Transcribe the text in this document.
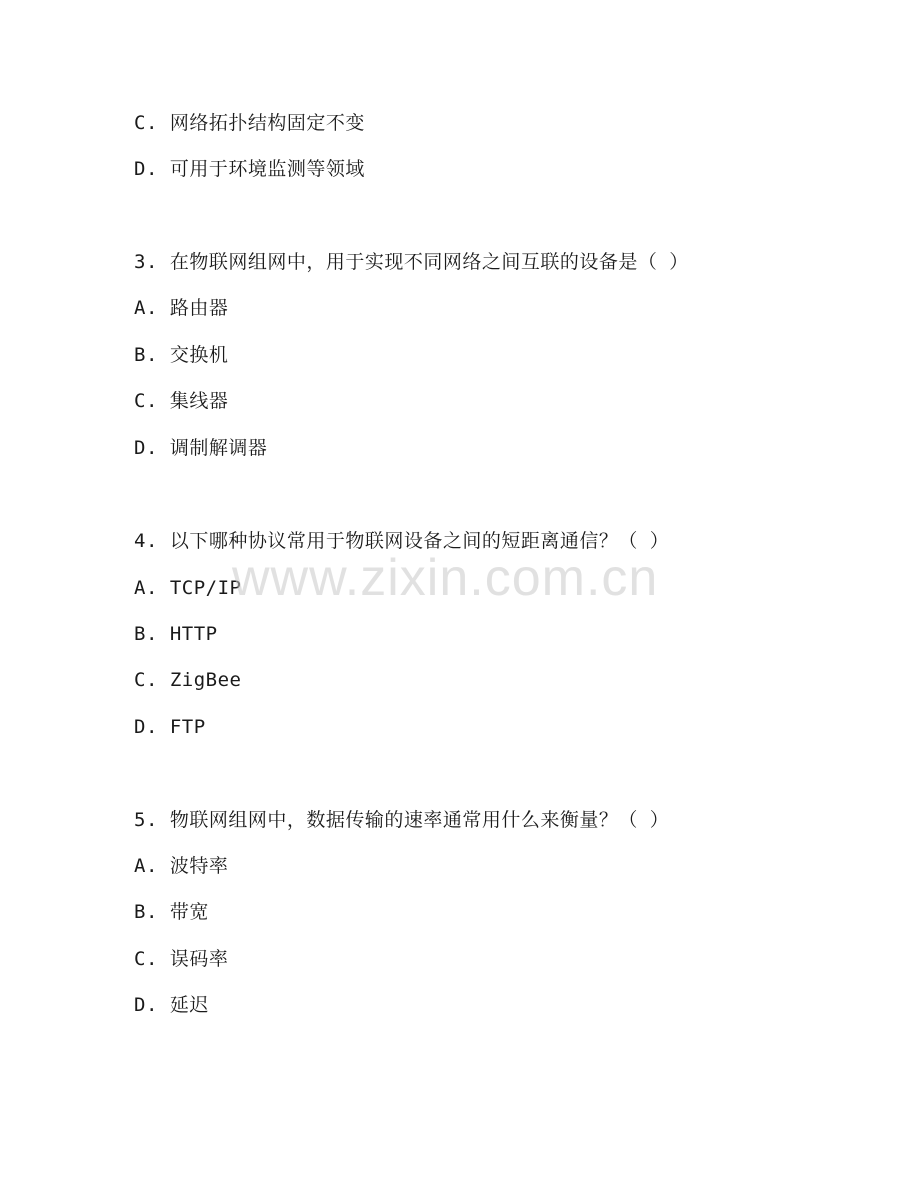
C. 网络拓扑结构固定不变
D. 可用于环境监测等领域
3. 在物联网组网中，用于实现不同网络之间互联的设备是（ ）
A. 路由器
B. 交换机
C. 集线器
D. 调制解调器
4. 以下哪种协议常用于物联网设备之间的短距离通信？（ ）
A. TCP/IP
B. HTTP
C. ZigBee
D. FTP
5. 物联网组网中，数据传输的速率通常用什么来衡量？（ ）
A. 波特率
B. 带宽
C. 误码率
D. 延迟
www.zixin.com.cn
